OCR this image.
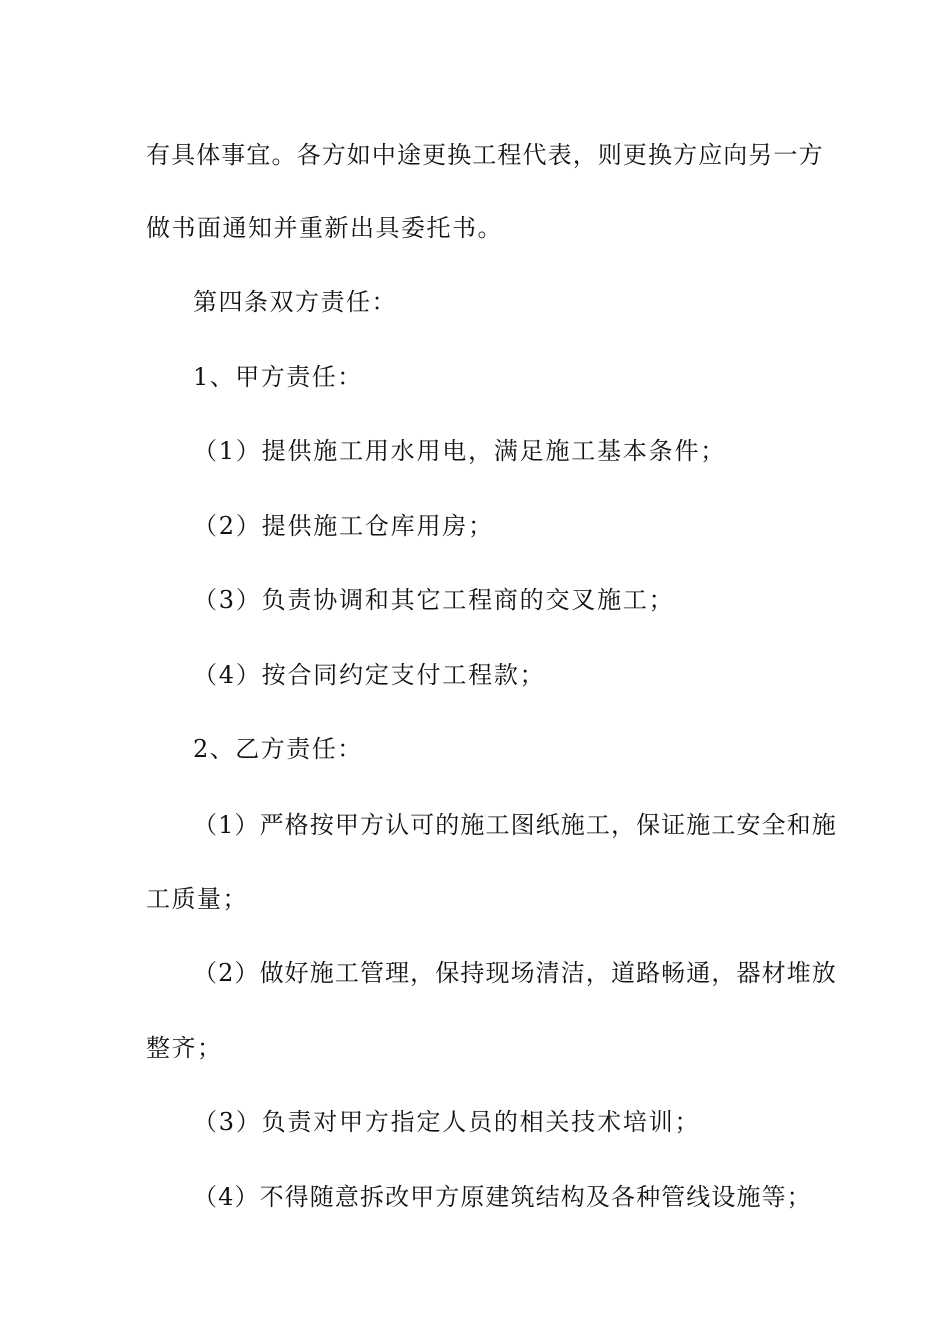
有具体事宜。各方如中途更换工程代表，则更换方应向另一方
做书面通知并重新出具委托书。
第四条双方责任：
1、甲方责任：
（1）提供施工用水用电，满足施工基本条件；
（2）提供施工仓库用房；
（3）负责协调和其它工程商的交叉施工；
（4）按合同约定支付工程款；
2、乙方责任：
（1）严格按甲方认可的施工图纸施工，保证施工安全和施
工质量；
（2）做好施工管理，保持现场清洁，道路畅通，器材堆放
整齐；
（3）负责对甲方指定人员的相关技术培训；
（4）不得随意拆改甲方原建筑结构及各种管线设施等；
